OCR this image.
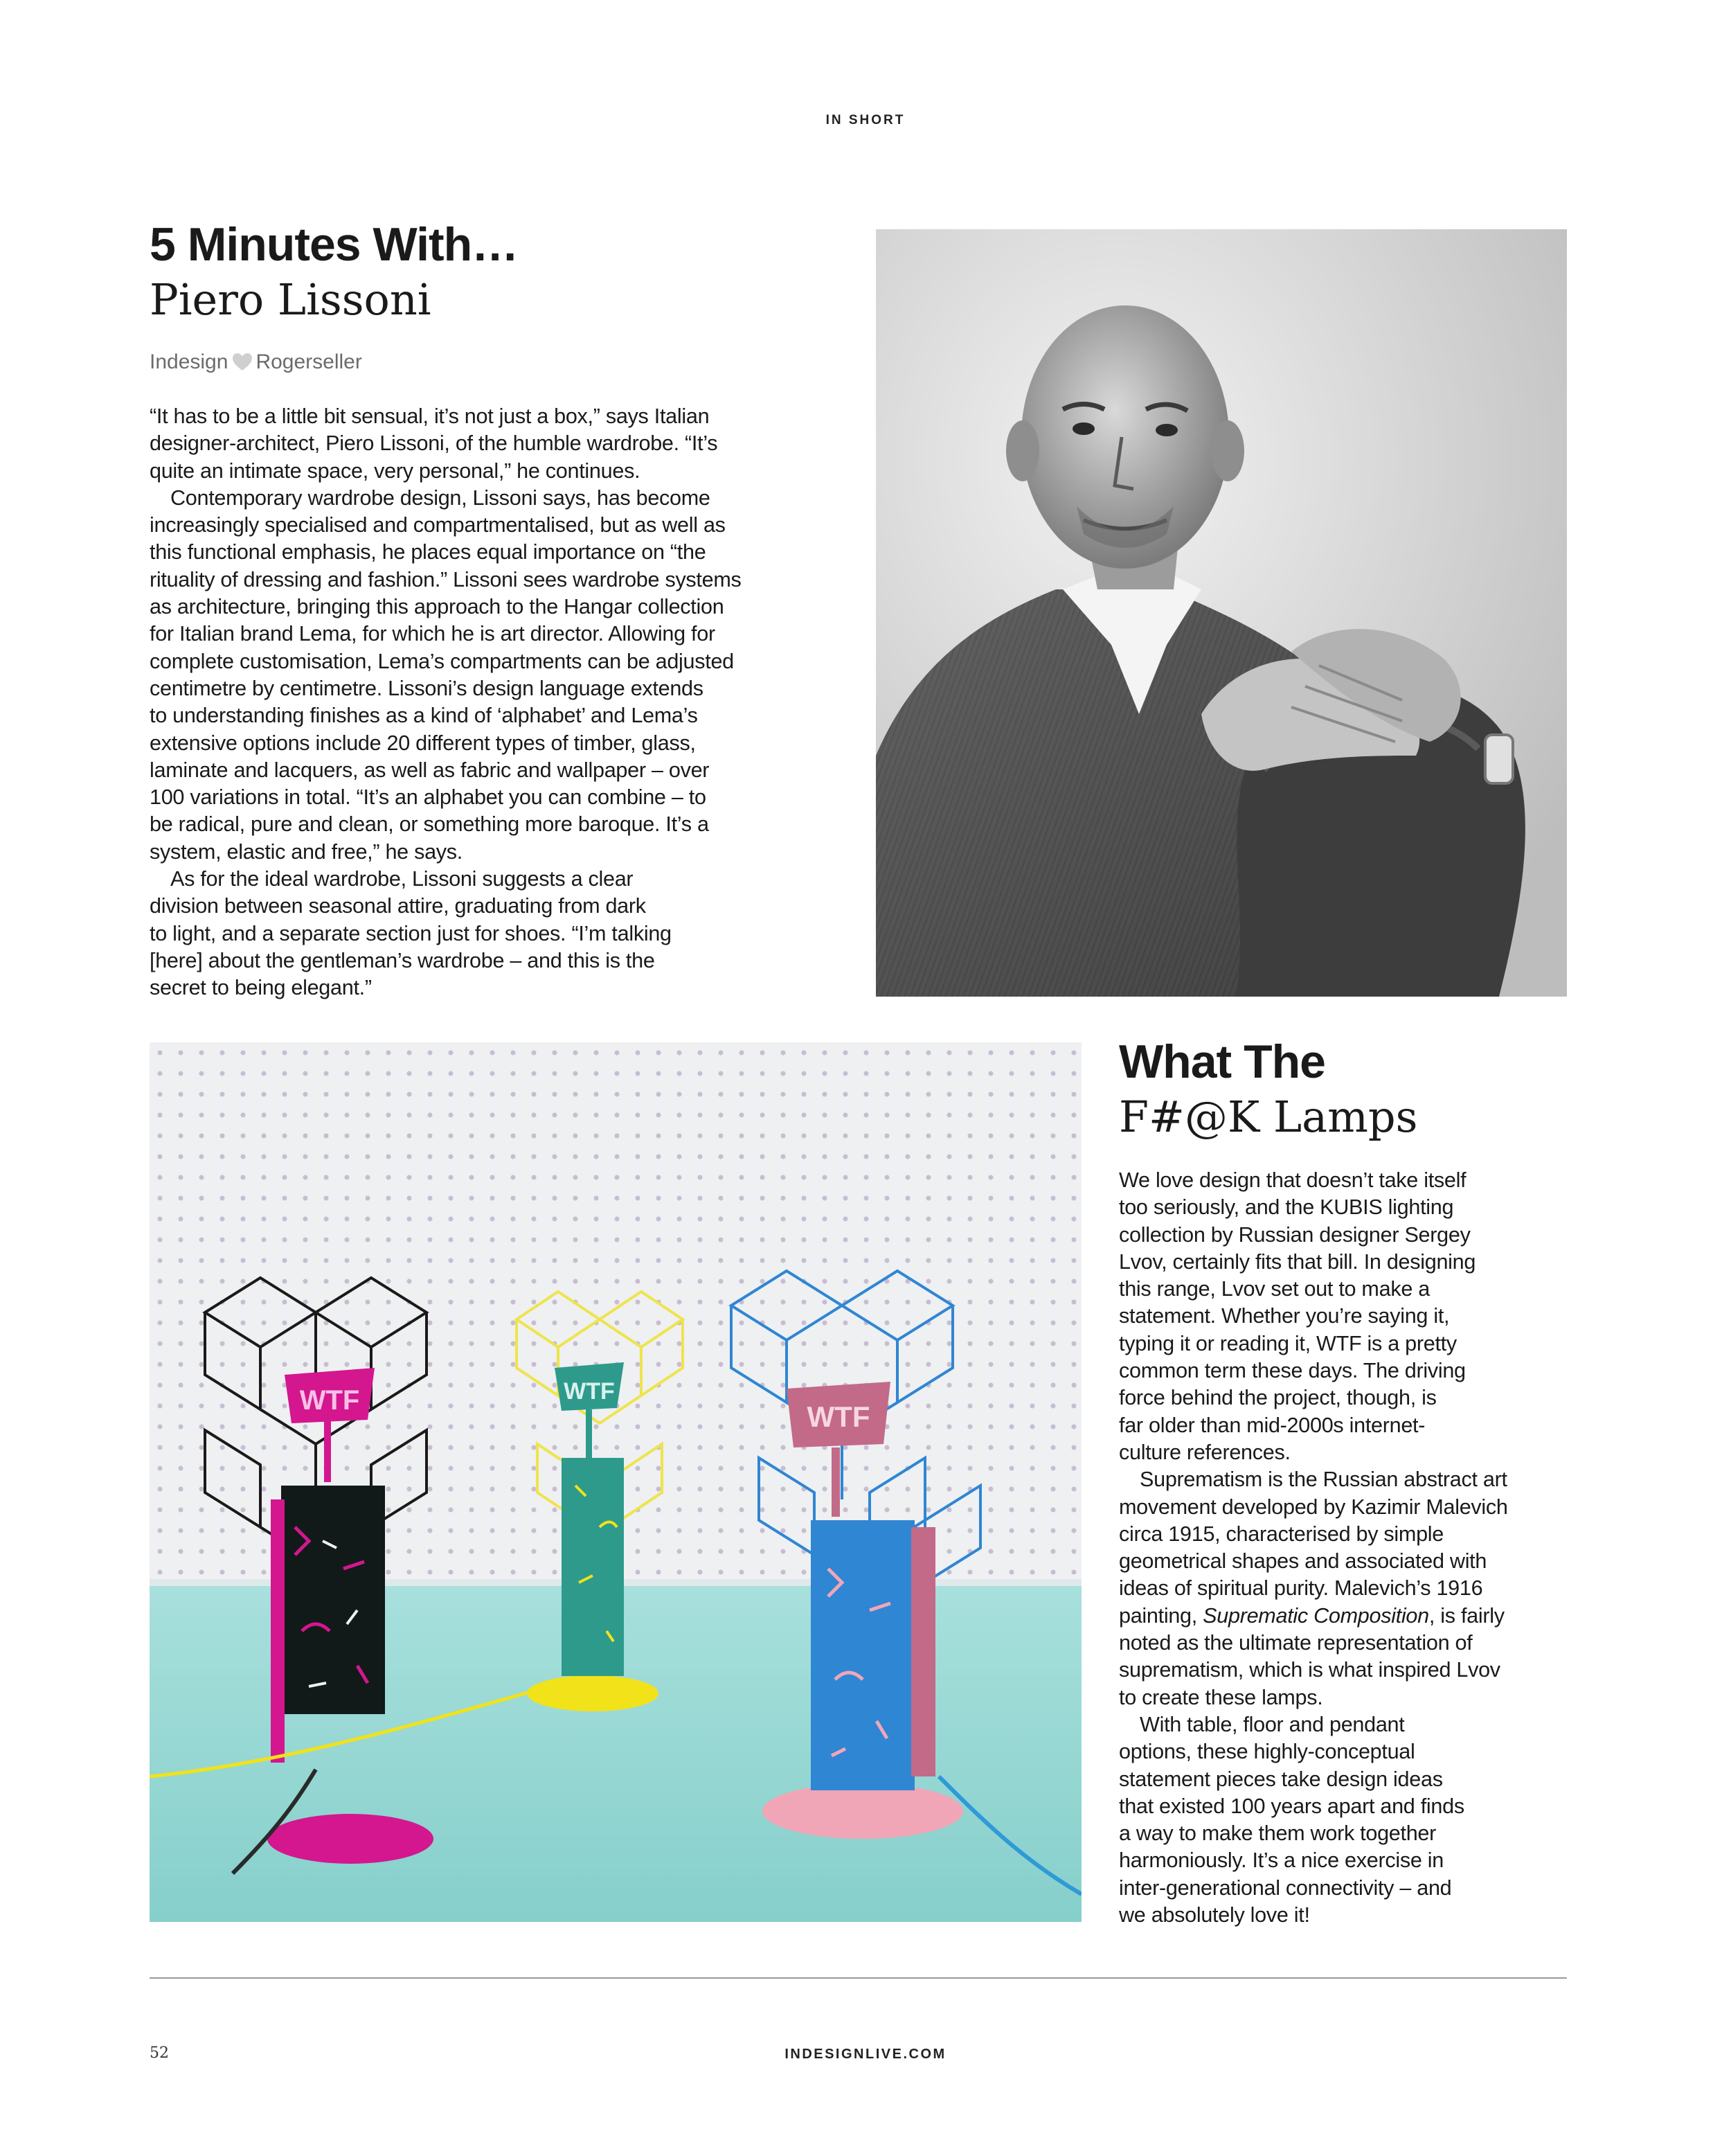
IN SHORT
5 Minutes With…
Piero Lissoni
Indesign Rogerseller
“It has to be a little bit sensual, it’s not just a box,” says Italian
designer-architect, Piero Lissoni, of the humble wardrobe. “It’s
quite an intimate space, very personal,” he continues.
Contemporary wardrobe design, Lissoni says, has become
increasingly specialised and compartmentalised, but as well as
this functional emphasis, he places equal importance on “the
rituality of dressing and fashion.” Lissoni sees wardrobe systems
as architecture, bringing this approach to the Hangar collection
for Italian brand Lema, for which he is art director. Allowing for
complete customisation, Lema’s compartments can be adjusted
centimetre by centimetre. Lissoni’s design language extends
to understanding finishes as a kind of ‘alphabet’ and Lema’s
extensive options include 20 different types of timber, glass,
laminate and lacquers, as well as fabric and wallpaper – over
100 variations in total. “It’s an alphabet you can combine – to
be radical, pure and clean, or something more baroque. It’s a
system, elastic and free,” he says.
As for the ideal wardrobe, Lissoni suggests a clear
division between seasonal attire, graduating from dark
to light, and a separate section just for shoes. “I’m talking
[here] about the gentleman’s wardrobe – and this is the
secret to being elegant.”
WTF	WTF
WTF
What The
F#@K Lamps
We love design that doesn’t take itself
too seriously, and the KUBIS lighting
collection by Russian designer Sergey
Lvov, certainly fits that bill. In designing
this range, Lvov set out to make a
statement. Whether you’re saying it,
typing it or reading it, WTF is a pretty
common term these days. The driving
force behind the project, though, is
far older than mid-2000s internet-
culture references.
Suprematism is the Russian abstract art
movement developed by Kazimir Malevich
circa 1915, characterised by simple
geometrical shapes and associated with
ideas of spiritual purity. Malevich’s 1916
painting, Suprematic Composition, is fairly
noted as the ultimate representation of
suprematism, which is what inspired Lvov
to create these lamps.
With table, floor and pendant
options, these highly-conceptual
statement pieces take design ideas
that existed 100 years apart and finds
a way to make them work together
harmoniously. It’s a nice exercise in
inter-generational connectivity – and
we absolutely love it!
52	INDESIGNLIVE.COM
